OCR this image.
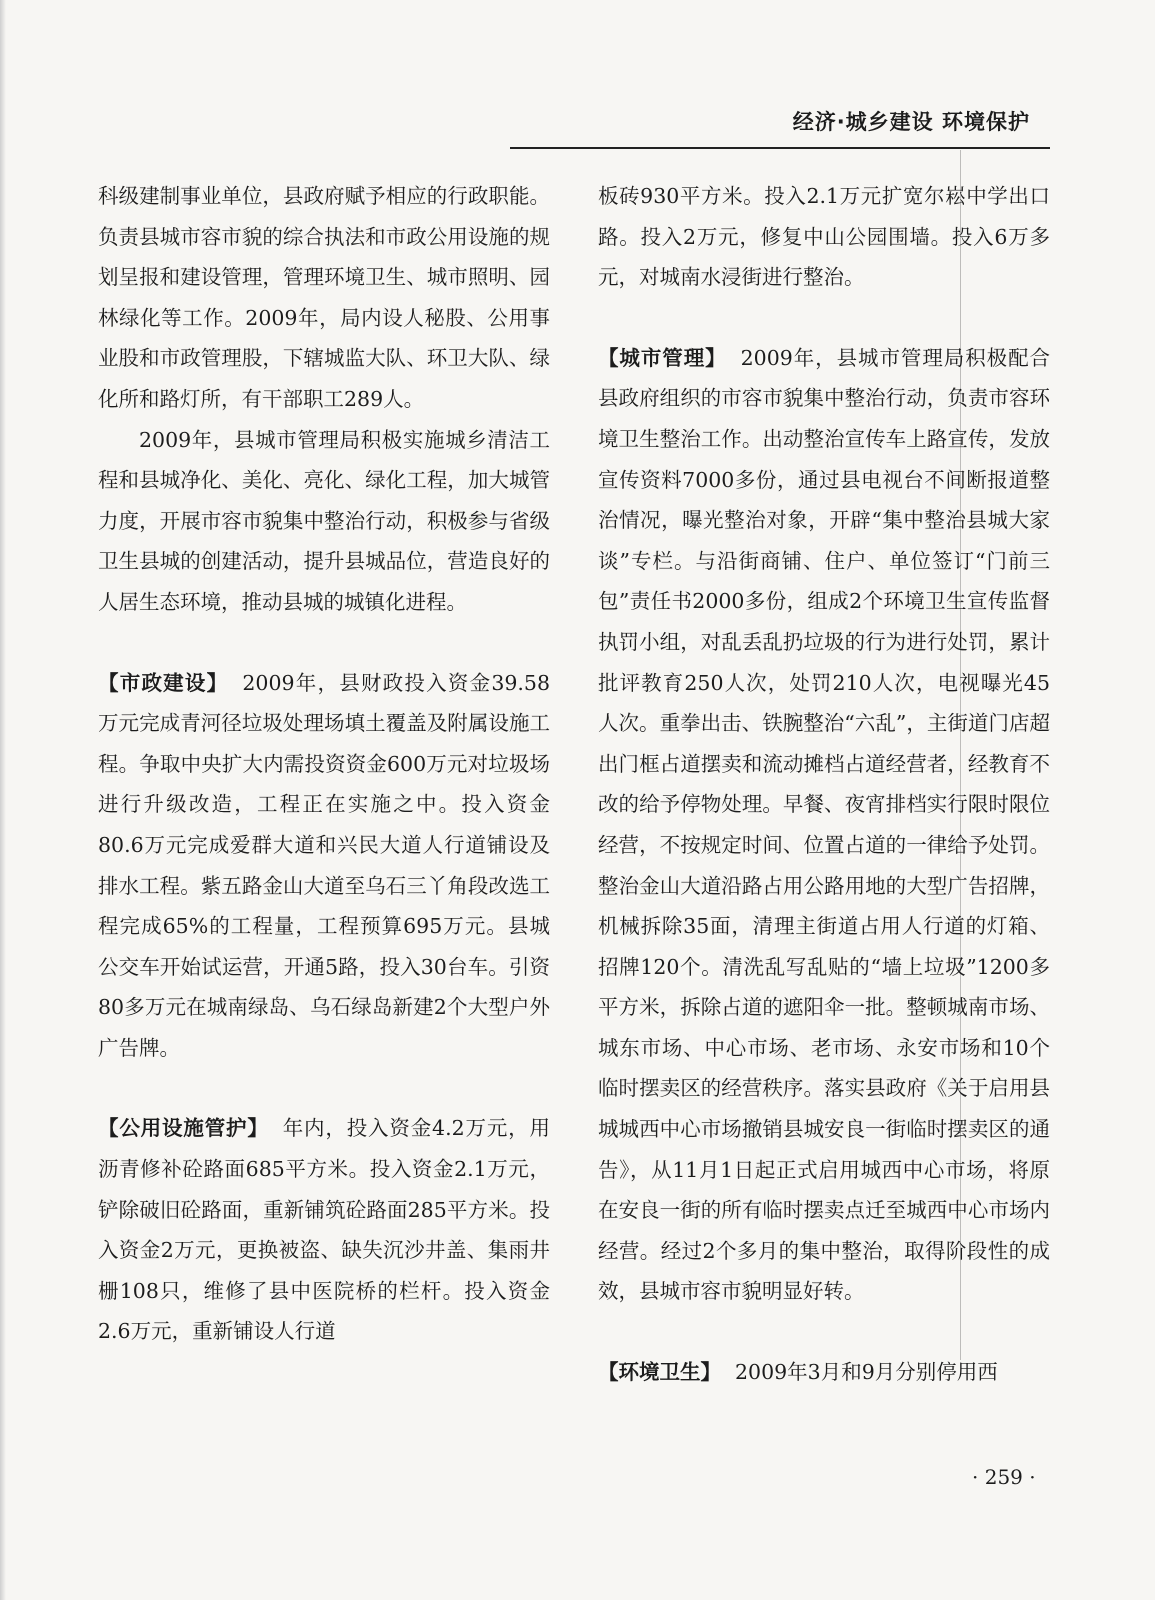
经济·城乡建设 环境保护

科级建制事业单位，县政府赋予相应的行政职能。负责县城市容市貌的综合执法和市政公用设施的规划呈报和建设管理，管理环境卫生、城市照明、园林绿化等工作。2009年，局内设人秘股、公用事业股和市政管理股，下辖城监大队、环卫大队、绿化所和路灯所，有干部职工289人。

2009年，县城市管理局积极实施城乡清洁工程和县城净化、美化、亮化、绿化工程，加大城管力度，开展市容市貌集中整治行动，积极参与省级卫生县城的创建活动，提升县城品位，营造良好的人居生态环境，推动县城的城镇化进程。

【市政建设】 2009年，县财政投入资金39.58万元完成青河径垃圾处理场填土覆盖及附属设施工程。争取中央扩大内需投资资金600万元对垃圾场进行升级改造，工程正在实施之中。投入资金80.6万元完成爱群大道和兴民大道人行道铺设及排水工程。紫五路金山大道至乌石三丫角段改选工程完成65%的工程量，工程预算695万元。县城公交车开始试运营，开通5路，投入30台车。引资80多万元在城南绿岛、乌石绿岛新建2个大型户外广告牌。

【公用设施管护】 年内，投入资金4.2万元，用沥青修补砼路面685平方米。投入资金2.1万元，铲除破旧砼路面，重新铺筑砼路面285平方米。投入资金2万元，更换被盗、缺失沉沙井盖、集雨井栅108只，维修了县中医院桥的栏杆。投入资金2.6万元，重新铺设人行道

板砖930平方米。投入2.1万元扩宽尔崧中学出口路。投入2万元，修复中山公园围墙。投入6万多元，对城南水浸街进行整治。

【城市管理】 2009年，县城市管理局积极配合县政府组织的市容市貌集中整治行动，负责市容环境卫生整治工作。出动整治宣传车上路宣传，发放宣传资料7000多份，通过县电视台不间断报道整治情况，曝光整治对象，开辟“集中整治县城大家谈”专栏。与沿街商铺、住户、单位签订“门前三包”责任书2000多份，组成2个环境卫生宣传监督执罚小组，对乱丢乱扔垃圾的行为进行处罚，累计批评教育250人次，处罚210人次，电视曝光45人次。重拳出击、铁腕整治“六乱”，主街道门店超出门框占道摆卖和流动摊档占道经营者，经教育不改的给予停物处理。早餐、夜宵排档实行限时限位经营，不按规定时间、位置占道的一律给予处罚。整治金山大道沿路占用公路用地的大型广告招牌，机械拆除35面，清理主街道占用人行道的灯箱、招牌120个。清洗乱写乱贴的“墙上垃圾”1200多平方米，拆除占道的遮阳伞一批。整顿城南市场、城东市场、中心市场、老市场、永安市场和10个临时摆卖区的经营秩序。落实县政府《关于启用县城城西中心市场撤销县城安良一街临时摆卖区的通告》，从11月1日起正式启用城西中心市场，将原在安良一街的所有临时摆卖点迁至城西中心市场内经营。经过2个多月的集中整治，取得阶段性的成效，县城市容市貌明显好转。

【环境卫生】 2009年3月和9月分别停用西

· 259 ·
